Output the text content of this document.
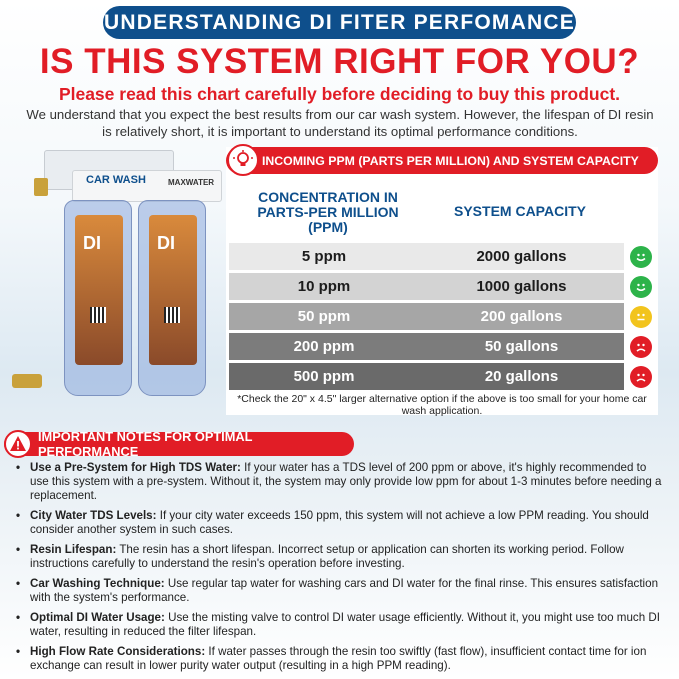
UNDERSTANDING DI FITER PERFOMANCE
IS THIS SYSTEM RIGHT FOR YOU?
Please read this chart carefully before deciding to buy this product.
We understand that you expect the best results from our car wash system. However, the lifespan of DI resin is relatively short, it is important to understand its optimal performance conditions.
CAR WASH	MAXWATER
DI	DI
INCOMING PPM (PARTS PER MILLION) AND SYSTEM CAPACITY
CONCENTRATION IN PARTS-PER MILLION (PPM)
SYSTEM CAPACITY
5 ppm	2000 gallons
10 ppm	1000 gallons
50 ppm	200 gallons
200 ppm	50 gallons
500 ppm	20 gallons
*Check the 20" x 4.5" larger alternative option if the above is too small for your home car wash application.
IMPORTANT NOTES FOR OPTIMAL PERFORMANCE
• Use a Pre-System for High TDS Water: If your water has a TDS level of 200 ppm or above, it's highly recommended to use this system with a pre-system. Without it, the system may only provide low ppm for about 1-3 minutes before needing a replacement.
• City Water TDS Levels: If your city water exceeds 150 ppm, this system will not achieve a low PPM reading. You should consider another system in such cases.
• Resin Lifespan: The resin has a short lifespan. Incorrect setup or application can shorten its working period. Follow instructions carefully to understand the resin's operation before investing.
• Car Washing Technique: Use regular tap water for washing cars and DI water for the final rinse. This ensures satisfaction with the system's performance.
• Optimal DI Water Usage: Use the misting valve to control DI water usage efficiently. Without it, you might use too much DI water, resulting in reduced the filter lifespan.
• High Flow Rate Considerations: If water passes through the resin too swiftly (fast flow), insufficient contact time for ion exchange can result in lower purity water output (resulting in a high PPM reading).
